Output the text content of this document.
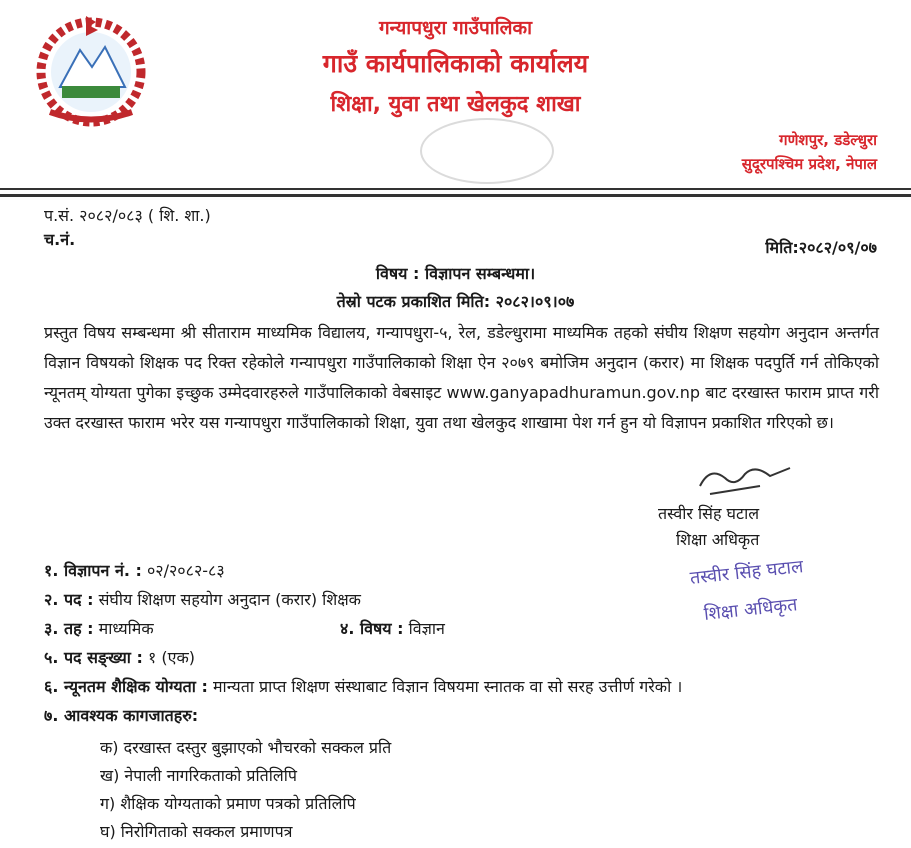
गन्यापधुरा गाउँपालिका
गाउँ कार्यपालिकाको कार्यालय
शिक्षा, युवा तथा खेलकुद शाखा
गणेशपुर, डडेल्धुरा
सुदूरपश्चिम प्रदेश, नेपाल
प.सं. २०८२/०८३ ( शि. शा.)
च.नं.	मिति:२०८२/०९/०७
विषय : विज्ञापन सम्बन्धमा।
तेस्रो पटक प्रकाशित मिति: २०८२।०९।०७
प्रस्तुत विषय सम्बन्धमा श्री सीताराम माध्यमिक विद्यालय, गन्यापधुरा-५, रेल, डडेल्धुरामा माध्यमिक तहको संघीय शिक्षण सहयोग अनुदान अन्तर्गत विज्ञान विषयको शिक्षक पद रिक्त रहेकोले गन्यापधुरा गाउँपालिकाको शिक्षा ऐन २०७९ बमोजिम अनुदान (करार) मा शिक्षक पदपुर्ति गर्न तोकिएको न्यूनतम् योग्यता पुगेका इच्छुक उम्मेदवारहरुले गाउँपालिकाको वेबसाइट www.ganyapadhuramun.gov.np बाट दरखास्त फाराम प्राप्त गरी उक्त दरखास्त फाराम भरेर यस गन्यापधुरा गाउँपालिकाको शिक्षा, युवा तथा खेलकुद शाखामा पेश गर्न हुन यो विज्ञापन प्रकाशित गरिएको छ।
तस्वीर सिंह घटाल
शिक्षा अधिकृत
तस्वीर सिंह घटाल
शिक्षा अधिकृत
१. विज्ञापन नं. : ०२/२०८२-८३
२. पद : संघीय शिक्षण सहयोग अनुदान (करार) शिक्षक
३. तह : माध्यमिक	४. विषय : विज्ञान
५. पद सङ्ख्या : १ (एक)
६. न्यूनतम शैक्षिक योग्यता : मान्यता प्राप्त शिक्षण संस्थाबाट विज्ञान विषयमा स्नातक वा सो सरह उत्तीर्ण गरेको ।
७. आवश्यक कागजातहरु:
क) दरखास्त दस्तुर बुझाएको भौचरको सक्कल प्रति
ख) नेपाली नागरिकताको प्रतिलिपि
ग) शैक्षिक योग्यताको प्रमाण पत्रको प्रतिलिपि
घ) निरोगिताको सक्कल प्रमाणपत्र
